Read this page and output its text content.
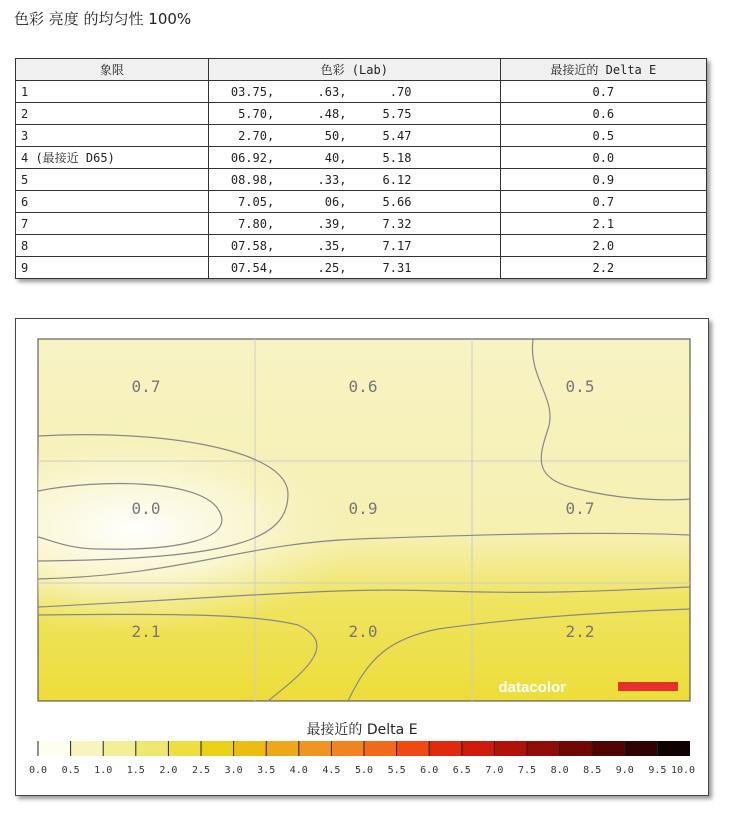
色彩 亮度 的均匀性 100%
象限	色彩 (Lab)	最接近的 Delta E
1	03.75,      .63,      .70	0.7
2	5.70,      .48,     5.75	0.6
3	2.70,       50,     5.47	0.5
4 (最接近 D65)	06.92,       40,     5.18	0.0
5	08.98,      .33,     6.12	0.9
6	7.05,       06,     5.66	0.7
7	7.80,      .39,     7.32	2.1
8	07.58,      .35,     7.17	2.0
9	07.54,      .25,     7.31	2.2
0.7	0.6	0.5
0.0	0.9	0.7
2.1	2.0	2.2
datacolor
最接近的 Delta E
0.0 0.5 1.0 1.5 2.0 2.5 3.0 3.5 4.0 4.5 5.0 5.5 6.0 6.5 7.0 7.5 8.0 8.5 9.0 9.5 10.0
